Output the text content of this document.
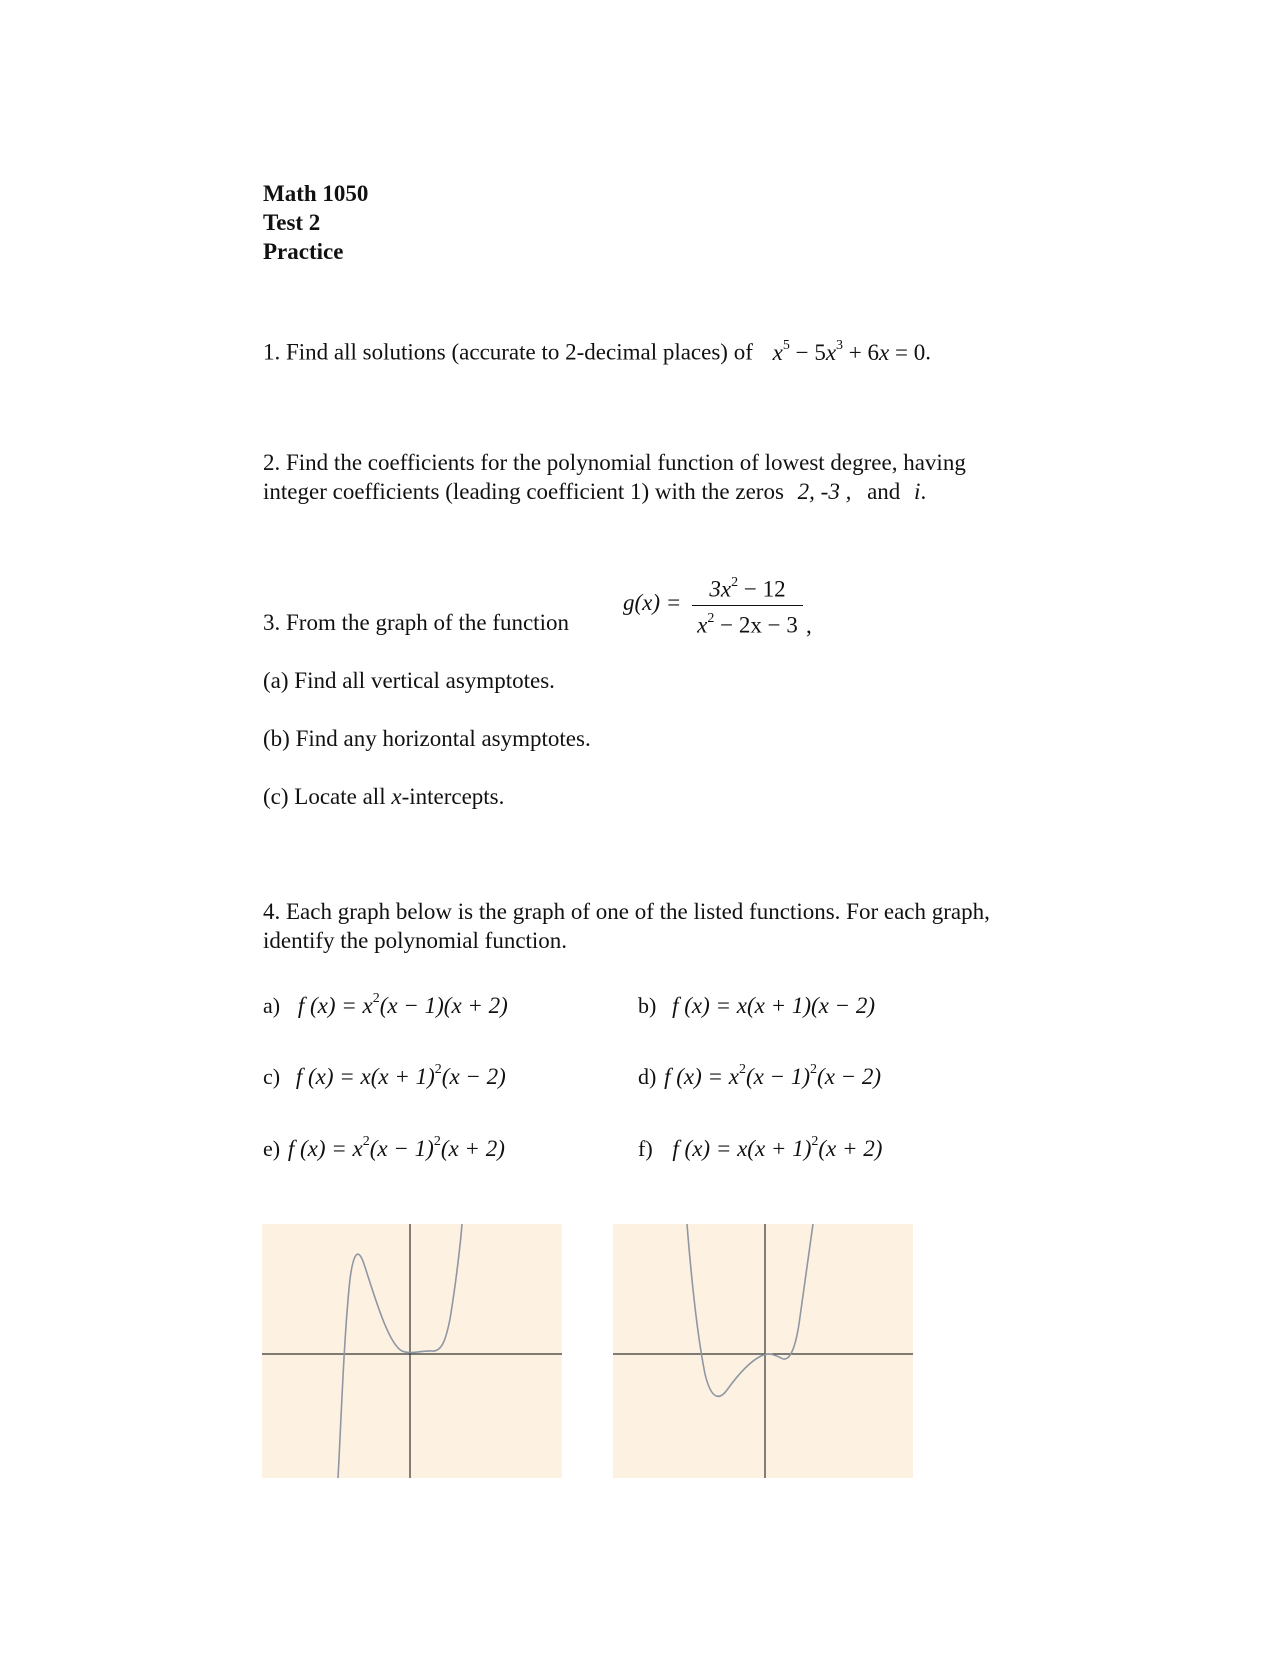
Math 1050
Test 2
Practice
1. Find all solutions (accurate to 2-decimal places) of $x^5 - 5x^3 + 6x = 0$.
2. Find the coefficients for the polynomial function of lowest degree, having
integer coefficients (leading coefficient 1) with the zeros 2, -3 , and i.
3. From the graph of the function
g(x) =
$3x^2 - 12$
$x^2 - 2x - 3$ ,
(a) Find all vertical asymptotes.
(b) Find any horizontal asymptotes.
(c) Locate all x-intercepts.
4. Each graph below is the graph of one of the listed functions. For each graph,
identify the polynomial function.
a) f $(x) = x^2(x - 1)(x + 2)$	b) f (x) = x(x + 1)(x − 2)
c) f $(x) = x(x + 1)^2(x - 2)$	d) f $(x) = x^2(x - 1)^2(x - 2)$
e) f $(x) = x^2(x - 1)^2(x + 2)$	f) f $(x) = x(x + 1)^2(x + 2)$
